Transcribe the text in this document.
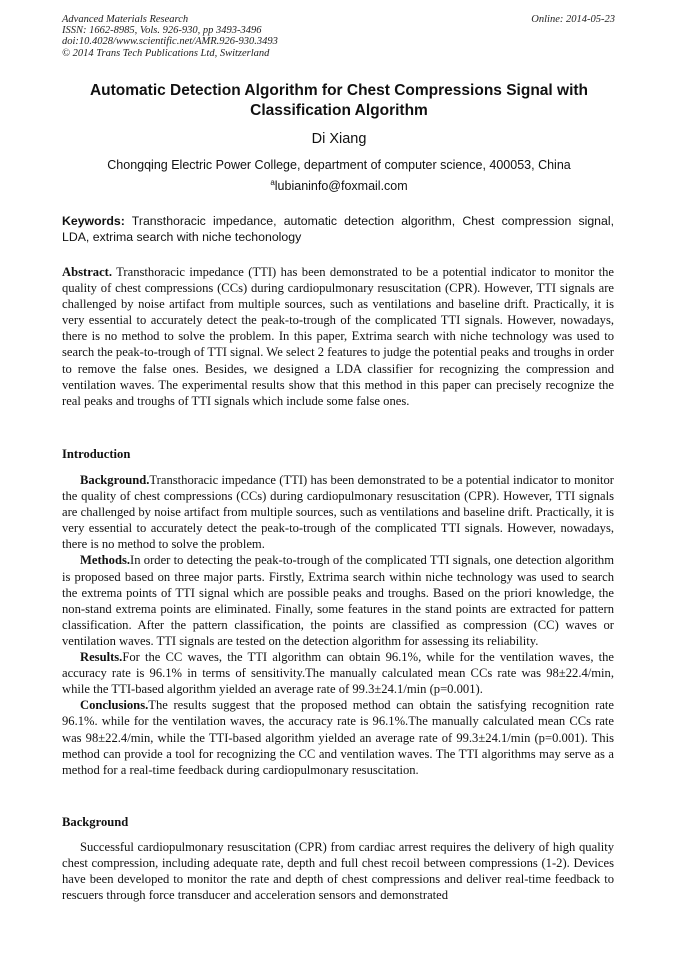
Advanced Materials Research
ISSN: 1662-8985, Vols. 926-930, pp 3493-3496
doi:10.4028/www.scientific.net/AMR.926-930.3493
© 2014 Trans Tech Publications Ltd, Switzerland
Online: 2014-05-23
Automatic Detection Algorithm for Chest Compressions Signal with Classification Algorithm
Di Xiang
Chongqing Electric Power College, department of computer science, 400053, China
$^a$lubianinfo@foxmail.com
Keywords: Transthoracic impedance, automatic detection algorithm, Chest compression signal, LDA, extrima search with niche techonology
Abstract. Transthoracic impedance (TTI) has been demonstrated to be a potential indicator to monitor the quality of chest compressions (CCs) during cardiopulmonary resuscitation (CPR). However, TTI signals are challenged by noise artifact from multiple sources, such as ventilations and baseline drift. Practically, it is very essential to accurately detect the peak-to-trough of the complicated TTI signals. However, nowadays, there is no method to solve the problem. In this paper, Extrima search with niche technology was used to search the peak-to-trough of TTI signal. We select 2 features to judge the potential peaks and troughs in order to remove the false ones. Besides, we designed a LDA classifier for recognizing the compression and ventilation waves. The experimental results show that this method in this paper can precisely recognize the real peaks and troughs of TTI signals which include some false ones.
Introduction

Background.Transthoracic impedance (TTI) has been demonstrated to be a potential indicator to monitor the quality of chest compressions (CCs) during cardiopulmonary resuscitation (CPR). However, TTI signals are challenged by noise artifact from multiple sources, such as ventilations and baseline drift. Practically, it is very essential to accurately detect the peak-to-trough of the complicated TTI signals. However, nowadays, there is no method to solve the problem.

Methods.In order to detecting the peak-to-trough of the complicated TTI signals, one detection algorithm is proposed based on three major parts. Firstly, Extrima search within niche technology was used to search the extrema points of TTI signal which are possible peaks and troughs. Based on the priori knowledge, the non-stand extrema points are eliminated. Finally, some features in the stand points are extracted for pattern classification. After the pattern classification, the points are classified as compression (CC) waves or ventilation waves. TTI signals are tested on the detection algorithm for assessing its reliability.

Results.For the CC waves, the TTI algorithm can obtain 96.1%, while for the ventilation waves, the accuracy rate is 96.1% in terms of sensitivity.The manually calculated mean CCs rate was 98±22.4/min, while the TTI-based algorithm yielded an average rate of 99.3±24.1/min (p=0.001).

Conclusions.The results suggest that the proposed method can obtain the satisfying recognition rate 96.1%. while for the ventilation waves, the accuracy rate is 96.1%.The manually calculated mean CCs rate was 98±22.4/min, while the TTI-based algorithm yielded an average rate of 99.3±24.1/min (p=0.001). This method can provide a tool for recognizing the CC and ventilation waves. The TTI algorithms may serve as a method for a real-time feedback during cardiopulmonary resuscitation.

Background

Successful cardiopulmonary resuscitation (CPR) from cardiac arrest requires the delivery of high quality chest compression, including adequate rate, depth and full chest recoil between compressions (1-2). Devices have been developed to monitor the rate and depth of chest compressions and deliver real-time feedback to rescuers through force transducer and acceleration sensors and demonstrated
